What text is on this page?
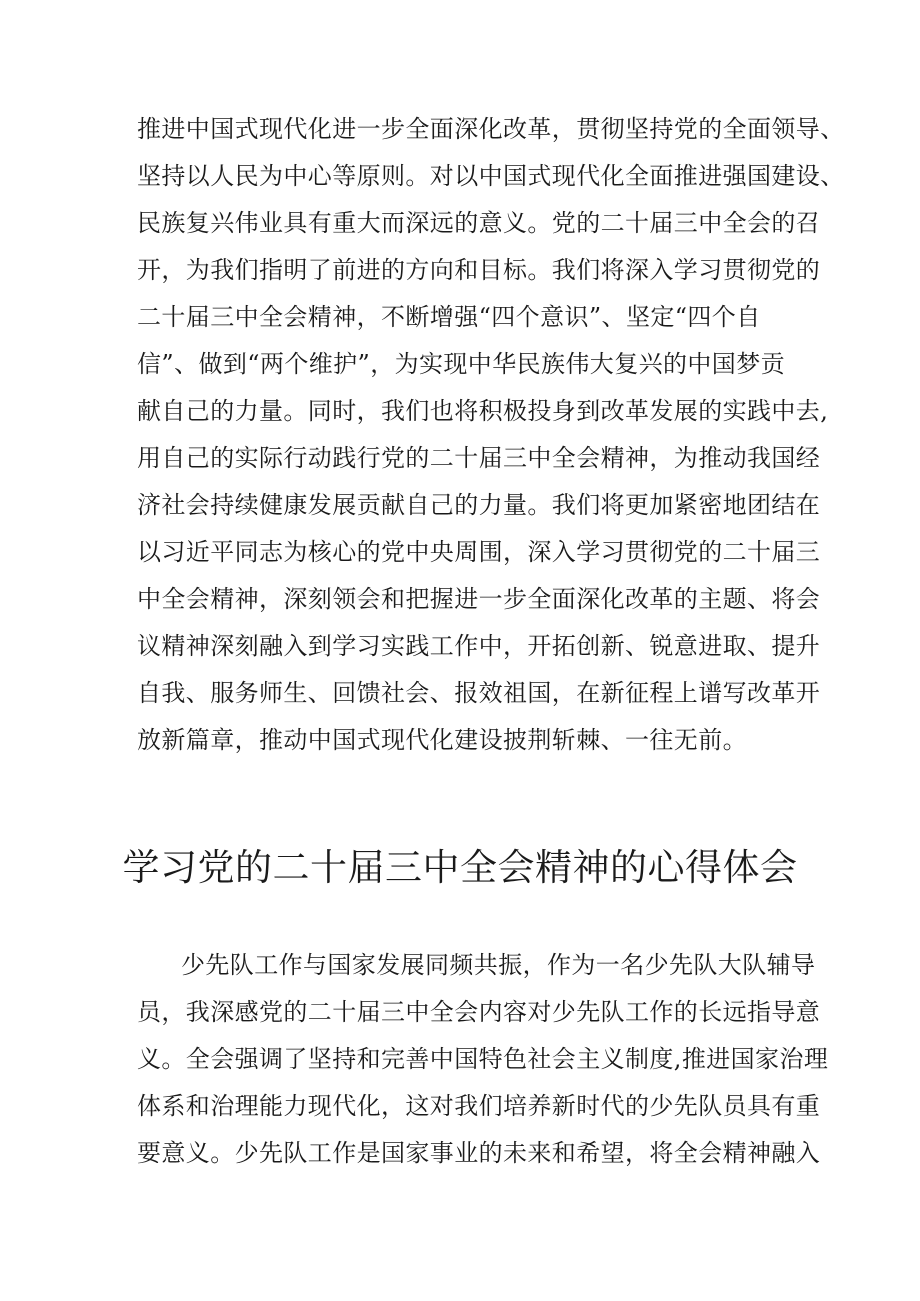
推进中国式现代化进一步全面深化改革，贯彻坚持党的全面领导、
坚持以人民为中心等原则。对以中国式现代化全面推进强国建设、
民族复兴伟业具有重大而深远的意义。党的二十届三中全会的召
开，为我们指明了前进的方向和目标。我们将深入学习贯彻党的
二十届三中全会精神，不断增强“四个意识”、坚定“四个自
信”、做到“两个维护”，为实现中华民族伟大复兴的中国梦贡
献自己的力量。同时，我们也将积极投身到改革发展的实践中去,
用自己的实际行动践行党的二十届三中全会精神，为推动我国经
济社会持续健康发展贡献自己的力量。我们将更加紧密地团结在
以习近平同志为核心的党中央周围，深入学习贯彻党的二十届三
中全会精神，深刻领会和把握进一步全面深化改革的主题、将会
议精神深刻融入到学习实践工作中，开拓创新、锐意进取、提升
自我、服务师生、回馈社会、报效祖国，在新征程上谱写改革开
放新篇章，推动中国式现代化建设披荆斩棘、一往无前。
学习党的二十届三中全会精神的心得体会
少先队工作与国家发展同频共振，作为一名少先队大队辅导
员，我深感党的二十届三中全会内容对少先队工作的长远指导意
义。全会强调了坚持和完善中国特色社会主义制度,推进国家治理
体系和治理能力现代化，这对我们培养新时代的少先队员具有重
要意义。少先队工作是国家事业的未来和希望，将全会精神融入
